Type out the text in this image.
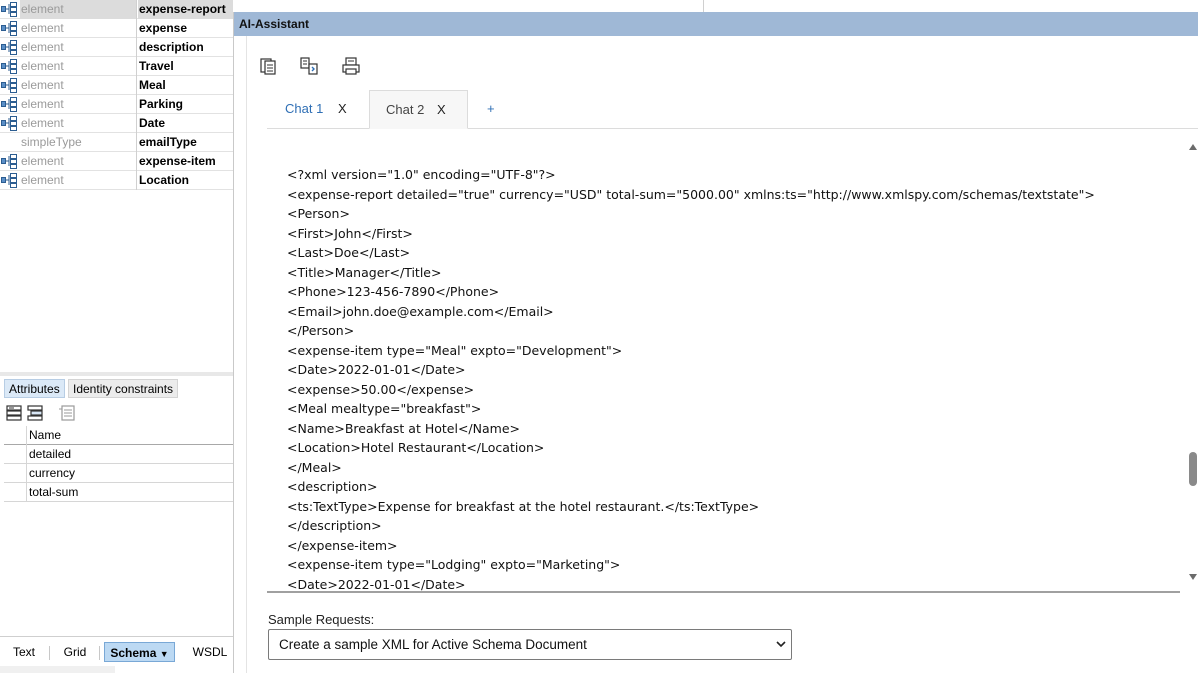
element	expense-report
element	expense
element	description
element	Travel
element	Meal
element	Parking
element	Date
simpleType	emailType
element	expense-item
element	Location
Attributes	Identity constraints
Name
detailed
currency
total-sum
Text	Grid	Schema ▼	WSDL
AI-Assistant
Chat 1 X	Chat 2 X	+
<?xml version="1.0" encoding="UTF-8"?>
<expense-report detailed="true" currency="USD" total-sum="5000.00" xmlns:ts="http://www.xmlspy.com/schemas/textstate">
<Person>
<First>John</First>
<Last>Doe</Last>
<Title>Manager</Title>
<Phone>123-456-7890</Phone>
<Email>john.doe@example.com</Email>
</Person>
<expense-item type="Meal" expto="Development">
<Date>2022-01-01</Date>
<expense>50.00</expense>
<Meal mealtype="breakfast">
<Name>Breakfast at Hotel</Name>
<Location>Hotel Restaurant</Location>
</Meal>
<description>
<ts:TextType>Expense for breakfast at the hotel restaurant.</ts:TextType>
</description>
</expense-item>
<expense-item type="Lodging" expto="Marketing">
<Date>2022-01-01</Date>
Sample Requests:
Create a sample XML for Active Schema Document
